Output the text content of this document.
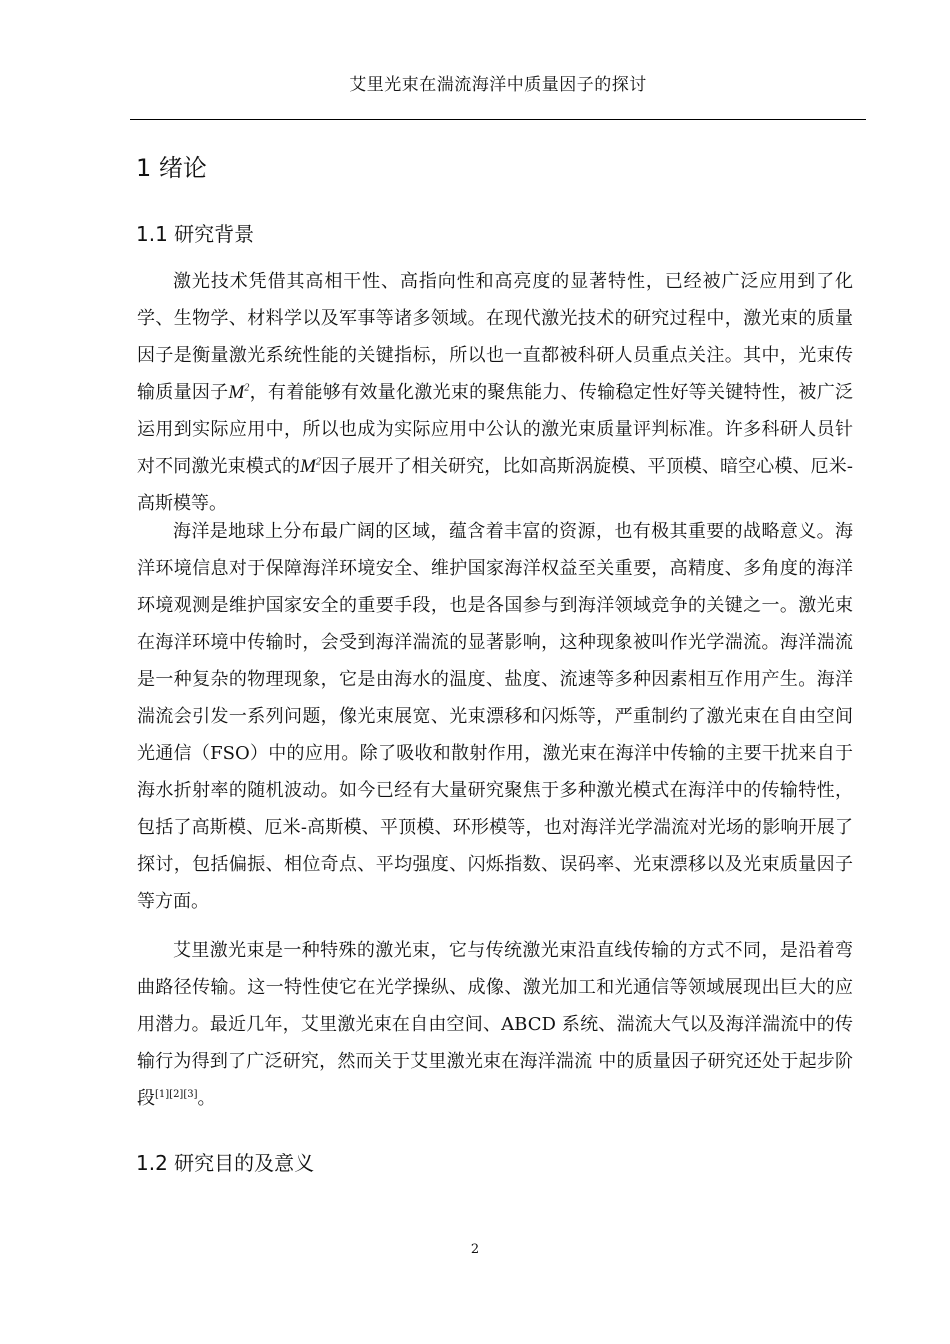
艾里光束在湍流海洋中质量因子的探讨
1 绪论
1.1 研究背景

激光技术凭借其高相干性、高指向性和高亮度的显著特性，已经被广泛应用到了化学、生物学、材料学以及军事等诸多领域。在现代激光技术的研究过程中，激光束的质量因子是衡量激光系统性能的关键指标，所以也一直都被科研人员重点关注。其中，光束传输质量因子$M^2$，有着能够有效量化激光束的聚焦能力、传输稳定性好等关键特性，被广泛运用到实际应用中，所以也成为实际应用中公认的激光束质量评判标准。许多科研人员针对不同激光束模式的$M^2$因子展开了相关研究，比如高斯涡旋模、平顶模、暗空心模、厄米-高斯模等。

海洋是地球上分布最广阔的区域，蕴含着丰富的资源，也有极其重要的战略意义。海洋环境信息对于保障海洋环境安全、维护国家海洋权益至关重要，高精度、多角度的海洋环境观测是维护国家安全的重要手段，也是各国参与到海洋领域竞争的关键之一。激光束在海洋环境中传输时，会受到海洋湍流的显著影响，这种现象被叫作光学湍流。海洋湍流是一种复杂的物理现象，它是由海水的温度、盐度、流速等多种因素相互作用产生。海洋湍流会引发一系列问题，像光束展宽、光束漂移和闪烁等，严重制约了激光束在自由空间光通信（FSO）中的应用。除了吸收和散射作用，激光束在海洋中传输的主要干扰来自于海水折射率的随机波动。如今已经有大量研究聚焦于多种激光模式在海洋中的传输特性，包括了高斯模、厄米-高斯模、平顶模、环形模等，也对海洋光学湍流对光场的影响开展了探讨，包括偏振、相位奇点、平均强度、闪烁指数、误码率、光束漂移以及光束质量因子等方面。

艾里激光束是一种特殊的激光束，它与传统激光束沿直线传输的方式不同，是沿着弯曲路径传输。这一特性使它在光学操纵、成像、激光加工和光通信等领域展现出巨大的应用潜力。最近几年，艾里激光束在自由空间、ABCD 系统、湍流大气以及海洋湍流中的传输行为得到了广泛研究，然而关于艾里激光束在海洋湍流 中的质量因子研究还处于起步阶段[1][2][3]。

1.2 研究目的及意义
2
